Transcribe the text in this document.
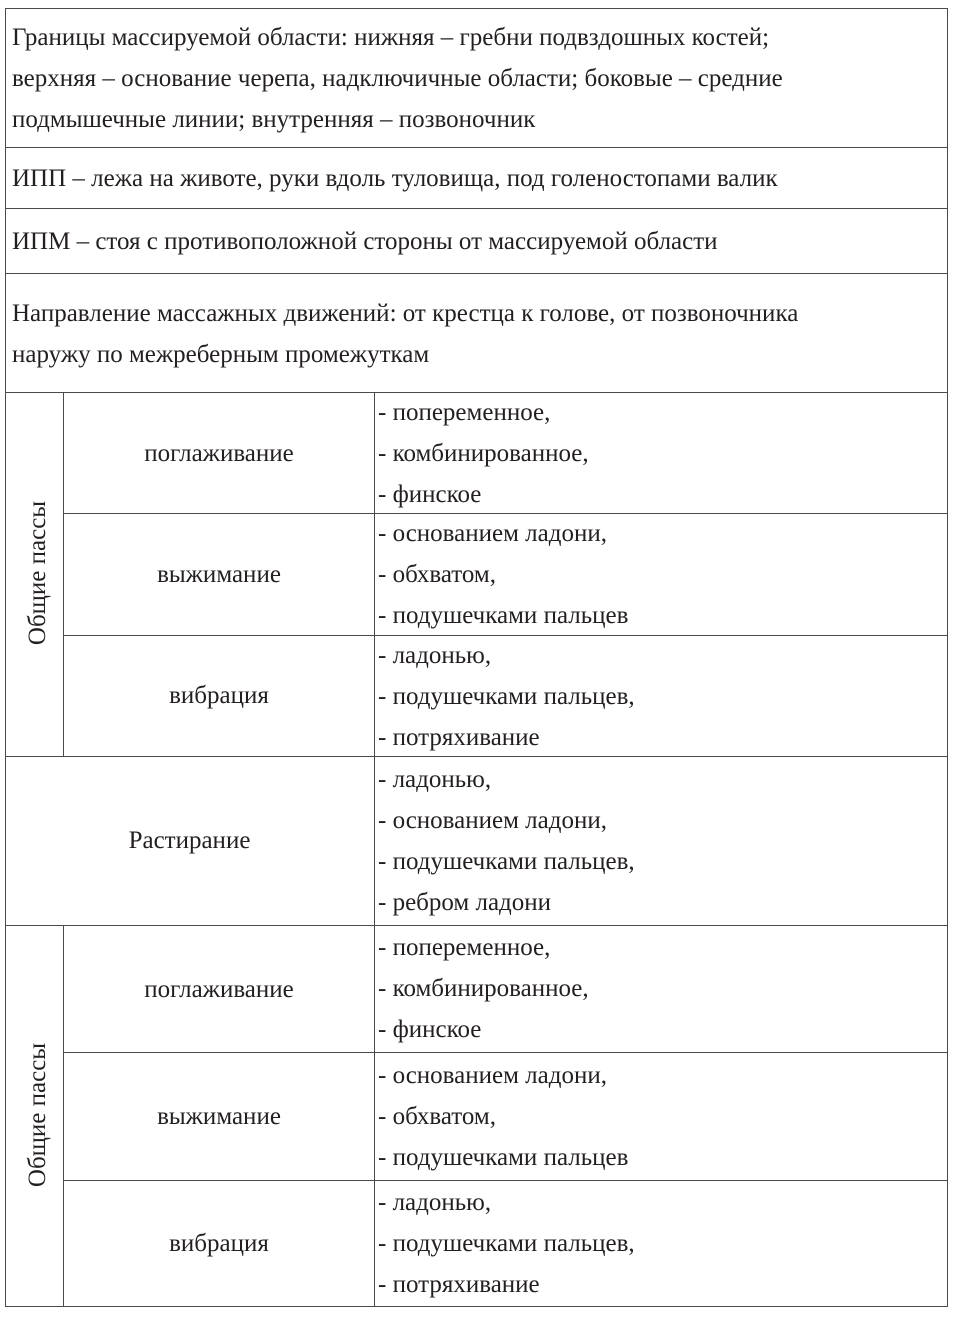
Границы массируемой области: нижняя – гребни подвздошных костей;
верхняя – основание черепа, надключичные области; боковые – средние
подмышечные линии; внутренняя – позвоночник
ИПП – лежа на животе, руки вдоль туловища, под голеностопами валик
ИПМ – стоя с противоположной стороны от массируемой области
Направление массажных движений: от крестца к голове, от позвоночника
наружу по межреберным промежуткам
Общие пассы
поглаживание
- попеременное,
- комбинированное,
- финское
выжимание
- основанием ладони,
- обхватом,
- подушечками пальцев
вибрация
- ладонью,
- подушечками пальцев,
- потряхивание
Растирание
- ладонью,
- основанием ладони,
- подушечками пальцев,
- ребром ладони
Общие пассы
поглаживание
- попеременное,
- комбинированное,
- финское
выжимание
- основанием ладони,
- обхватом,
- подушечками пальцев
вибрация
- ладонью,
- подушечками пальцев,
- потряхивание
